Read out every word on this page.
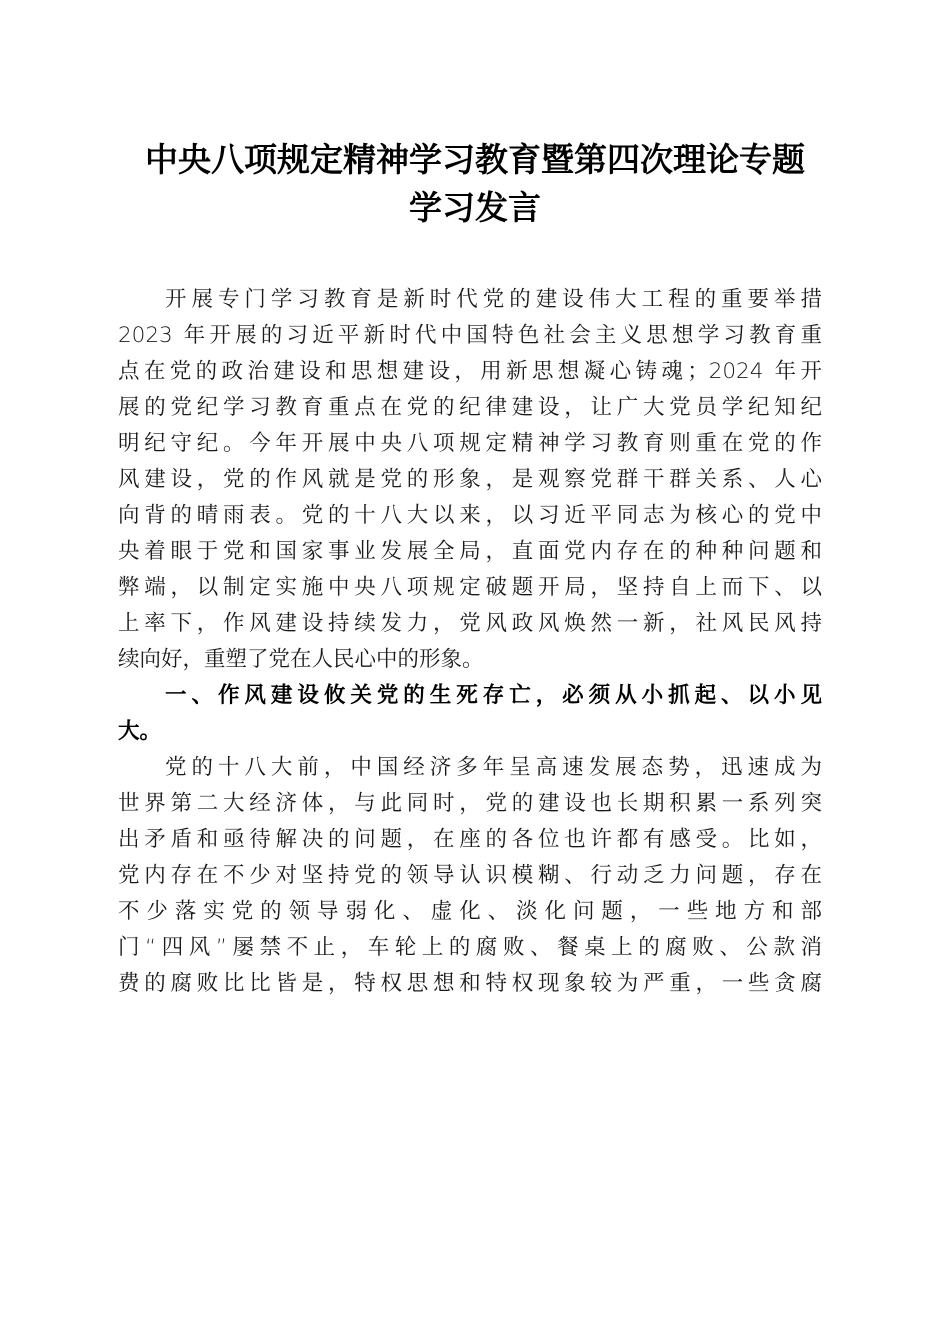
中央八项规定精神学习教育暨第四次理论专题
学习发言
开展专门学习教育是新时代党的建设伟大工程的重要举措
2023 年开展的习近平新时代中国特色社会主义思想学习教育重
点在党的政治建设和思想建设，用新思想凝心铸魂；2024 年开
展的党纪学习教育重点在党的纪律建设，让广大党员学纪知纪
明纪守纪。今年开展中央八项规定精神学习教育则重在党的作
风建设，党的作风就是党的形象，是观察党群干群关系、人心
向背的晴雨表。党的十八大以来，以习近平同志为核心的党中
央着眼于党和国家事业发展全局，直面党内存在的种种问题和
弊端，以制定实施中央八项规定破题开局，坚持自上而下、以
上率下，作风建设持续发力，党风政风焕然一新，社风民风持
续向好，重塑了党在人民心中的形象。
一、作风建设攸关党的生死存亡，必须从小抓起、以小见
大。
党的十八大前，中国经济多年呈高速发展态势，迅速成为
世界第二大经济体，与此同时，党的建设也长期积累一系列突
出矛盾和亟待解决的问题，在座的各位也许都有感受。比如，
党内存在不少对坚持党的领导认识模糊、行动乏力问题，存在
不少落实党的领导弱化、虚化、淡化问题，一些地方和部
门“四风”屡禁不止，车轮上的腐败、餐桌上的腐败、公款消
费的腐败比比皆是，特权思想和特权现象较为严重，一些贪腐
